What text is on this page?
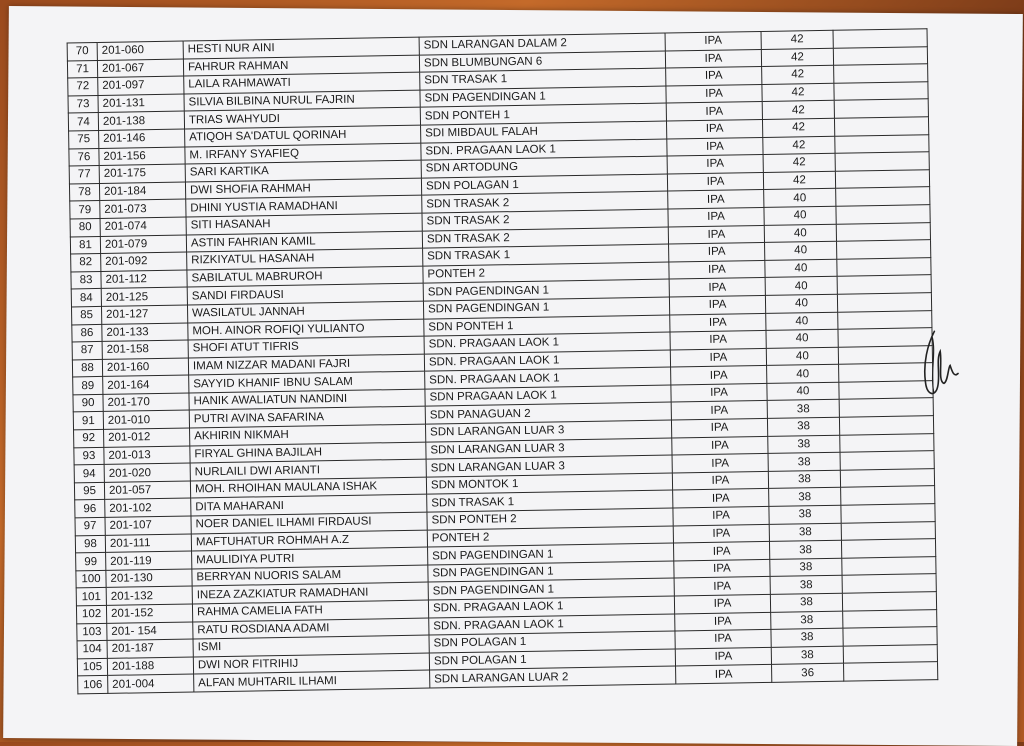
70	201-060	HESTI NUR AINI	SDN LARANGAN DALAM 2	IPA	42	
71	201-067	FAHRUR RAHMAN	SDN BLUMBUNGAN 6	IPA	42	
72	201-097	LAILA RAHMAWATI	SDN TRASAK 1	IPA	42	
73	201-131	SILVIA BILBINA NURUL FAJRIN	SDN PAGENDINGAN 1	IPA	42	
74	201-138	TRIAS WAHYUDI	SDN PONTEH 1	IPA	42	
75	201-146	ATIQOH SA'DATUL QORINAH	SDI MIBDAUL FALAH	IPA	42	
76	201-156	M. IRFANY SYAFIEQ	SDN. PRAGAAN LAOK 1	IPA	42	
77	201-175	SARI KARTIKA	SDN ARTODUNG	IPA	42	
78	201-184	DWI SHOFIA RAHMAH	SDN POLAGAN 1	IPA	42	
79	201-073	DHINI YUSTIA RAMADHANI	SDN TRASAK 2	IPA	40	
80	201-074	SITI HASANAH	SDN TRASAK 2	IPA	40	
81	201-079	ASTIN FAHRIAN KAMIL	SDN TRASAK 2	IPA	40	
82	201-092	RIZKIYATUL HASANAH	SDN TRASAK 1	IPA	40	
83	201-112	SABILATUL MABRUROH	PONTEH 2	IPA	40	
84	201-125	SANDI FIRDAUSI	SDN PAGENDINGAN 1	IPA	40	
85	201-127	WASILATUL JANNAH	SDN PAGENDINGAN 1	IPA	40	
86	201-133	MOH. AINOR ROFIQI YULIANTO	SDN PONTEH 1	IPA	40	
87	201-158	SHOFI ATUT TIFRIS	SDN. PRAGAAN LAOK 1	IPA	40	
88	201-160	IMAM NIZZAR MADANI FAJRI	SDN. PRAGAAN LAOK 1	IPA	40	
89	201-164	SAYYID KHANIF IBNU SALAM	SDN. PRAGAAN LAOK 1	IPA	40	
90	201-170	HANIK AWALIATUN NANDINI	SDN PRAGAAN LAOK 1	IPA	40	
91	201-010	PUTRI AVINA SAFARINA	SDN PANAGUAN 2	IPA	38	
92	201-012	AKHIRIN NIKMAH	SDN LARANGAN LUAR 3	IPA	38	
93	201-013	FIRYAL GHINA BAJILAH	SDN LARANGAN LUAR 3	IPA	38	
94	201-020	NURLAILI DWI ARIANTI	SDN LARANGAN LUAR 3	IPA	38	
95	201-057	MOH. RHOIHAN MAULANA ISHAK	SDN MONTOK 1	IPA	38	
96	201-102	DITA MAHARANI	SDN TRASAK 1	IPA	38	
97	201-107	NOER DANIEL ILHAMI FIRDAUSI	SDN PONTEH 2	IPA	38	
98	201-111	MAFTUHATUR ROHMAH A.Z	PONTEH 2	IPA	38	
99	201-119	MAULIDIYA PUTRI	SDN PAGENDINGAN 1	IPA	38	
100	201-130	BERRYAN NUORIS SALAM	SDN PAGENDINGAN 1	IPA	38	
101	201-132	INEZA ZAZKIATUR RAMADHANI	SDN PAGENDINGAN 1	IPA	38	
102	201-152	RAHMA CAMELIA FATH	SDN. PRAGAAN LAOK 1	IPA	38	
103	201- 154	RATU ROSDIANA ADAMI	SDN. PRAGAAN LAOK 1	IPA	38	
104	201-187	ISMI	SDN POLAGAN 1	IPA	38	
105	201-188	DWI NOR FITRIHIJ	SDN POLAGAN 1	IPA	38	
106	201-004	ALFAN MUHTARIL ILHAMI	SDN LARANGAN LUAR 2	IPA	36	
